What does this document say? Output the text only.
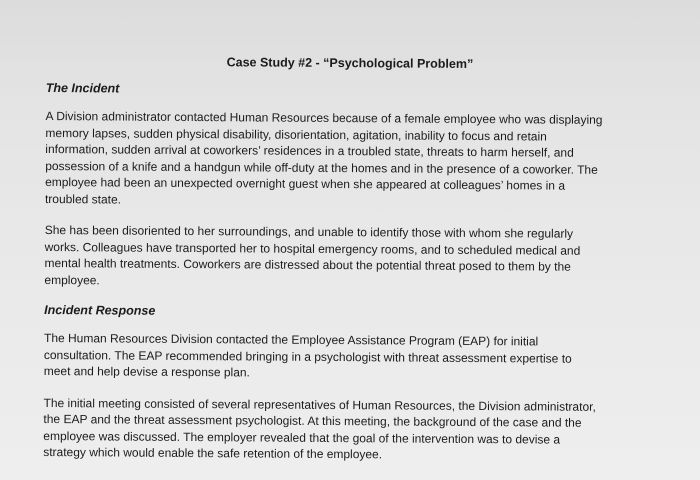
Case Study #2 - “Psychological Problem”
The Incident

A Division administrator contacted Human Resources because of a female employee who was displaying
memory lapses, sudden physical disability, disorientation, agitation, inability to focus and retain
information, sudden arrival at coworkers’ residences in a troubled state, threats to harm herself, and
possession of a knife and a handgun while off-duty at the homes and in the presence of a coworker. The
employee had been an unexpected overnight guest when she appeared at colleagues’ homes in a
troubled state.

She has been disoriented to her surroundings, and unable to identify those with whom she regularly
works. Colleagues have transported her to hospital emergency rooms, and to scheduled medical and
mental health treatments. Coworkers are distressed about the potential threat posed to them by the
employee.

Incident Response

The Human Resources Division contacted the Employee Assistance Program (EAP) for initial
consultation. The EAP recommended bringing in a psychologist with threat assessment expertise to
meet and help devise a response plan.

The initial meeting consisted of several representatives of Human Resources, the Division administrator,
the EAP and the threat assessment psychologist. At this meeting, the background of the case and the
employee was discussed. The employer revealed that the goal of the intervention was to devise a
strategy which would enable the safe retention of the employee.
